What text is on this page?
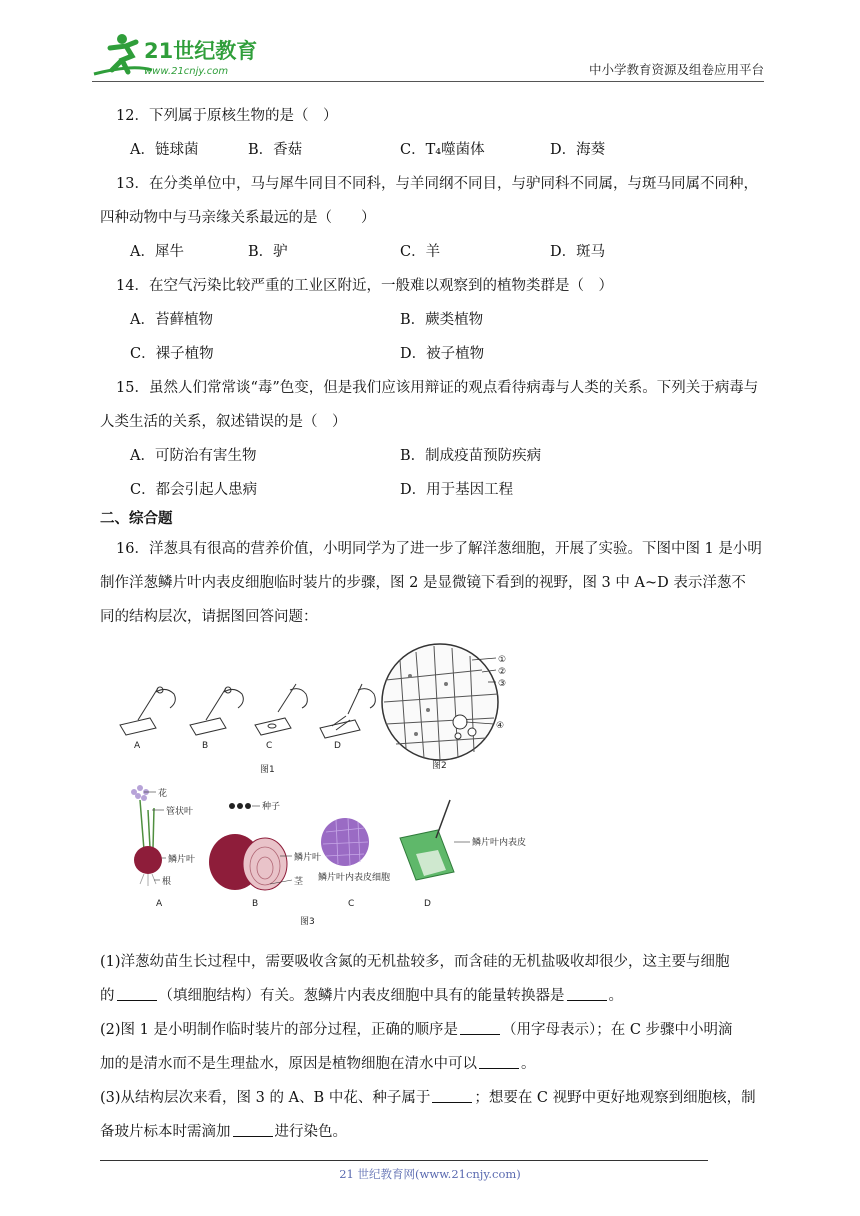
21世纪教育
www.21cnjy.com	中小学教育资源及组卷应用平台
12．下列属于原核生物的是（　）
A．链球菌	B．香菇	C．T₄噬菌体	D．海葵
13．在分类单位中，马与犀牛同目不同科，与羊同纲不同目，与驴同科不同属，与斑马同属不同种，
四种动物中与马亲缘关系最远的是（　　）
A．犀牛	B．驴	C．羊	D．斑马
14．在空气污染比较严重的工业区附近，一般难以观察到的植物类群是（　）
A．苔藓植物	B．蕨类植物
C．裸子植物	D．被子植物
15．虽然人们常常谈“毒”色变，但是我们应该用辩证的观点看待病毒与人类的关系。下列关于病毒与
人类生活的关系，叙述错误的是（　）
A．可防治有害生物	B．制成疫苗预防疾病
C．都会引起人患病	D．用于基因工程
二、综合题
16．洋葱具有很高的营养价值，小明同学为了进一步了解洋葱细胞，开展了实验。下图中图 1 是小明
制作洋葱鳞片叶内表皮细胞临时装片的步骤，图 2 是显微镜下看到的视野，图 3 中 A~D 表示洋葱不
同的结构层次，请据图回答问题：
A	B	C	D
图1
①
②
③
④
图2
花
管状叶
鳞片叶
根
种子
鳞片叶
茎 鳞片叶内表皮细胞
鳞片叶内表皮
A	B	C	D
图3
(1)洋葱幼苗生长过程中，需要吸收含氮的无机盐较多，而含硅的无机盐吸收却很少，这主要与细胞
的	（填细胞结构）有关。葱鳞片内表皮细胞中具有的能量转换器是	。
(2)图 1 是小明制作临时装片的部分过程，正确的顺序是	（用字母表示）；在 C 步骤中小明滴
加的是清水而不是生理盐水，原因是植物细胞在清水中可以	。
(3)从结构层次来看，图 3 的 A、B 中花、种子属于	；想要在 C 视野中更好地观察到细胞核，制
备玻片标本时需滴加	进行染色。
21 世纪教育网(www.21cnjy.com)
